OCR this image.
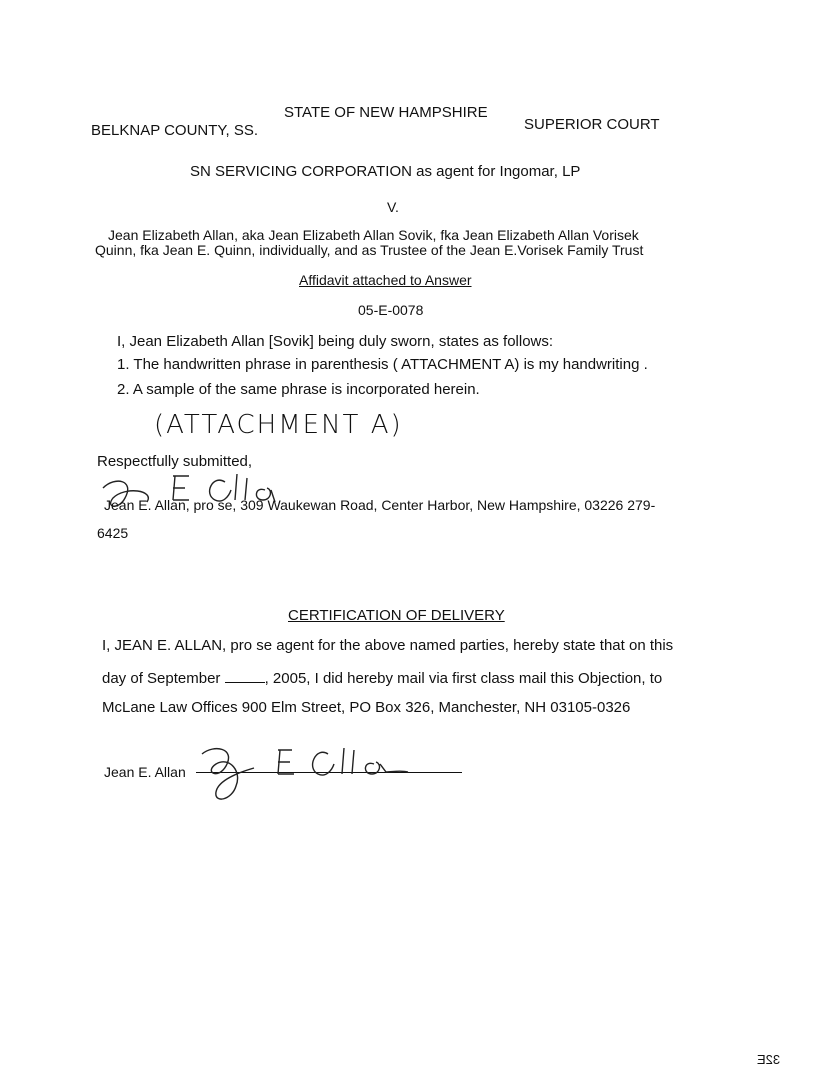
STATE OF NEW HAMPSHIRE
BELKNAP COUNTY, SS.	SUPERIOR COURT
SN SERVICING CORPORATION as agent for Ingomar, LP
V.
Jean Elizabeth Allan, aka Jean Elizabeth Allan Sovik, fka Jean Elizabeth Allan Vorisek
Quinn, fka Jean E. Quinn, individually, and as Trustee of the Jean E.Vorisek Family Trust
Affidavit attached to Answer
05-E-0078
I, Jean Elizabeth Allan [Sovik] being duly sworn, states as follows:
1. The handwritten phrase in parenthesis ( ATTACHMENT A) is my handwriting .
2. A sample of the same phrase is incorporated herein.
(ATTACHMENT A)
Respectfully submitted,
Jean E. Allan, pro se, 309 Waukewan Road, Center Harbor, New Hampshire, 03226 279-
6425
CERTIFICATION OF DELIVERY
I, JEAN E. ALLAN, pro se agent for the above named parties, hereby state that on this
day of September	, 2005, I did hereby mail via first class mail this Objection, to
McLane Law Offices 900 Elm Street, PO Box 326, Manchester, NH 03105-0326
Jean E. Allan
32E
